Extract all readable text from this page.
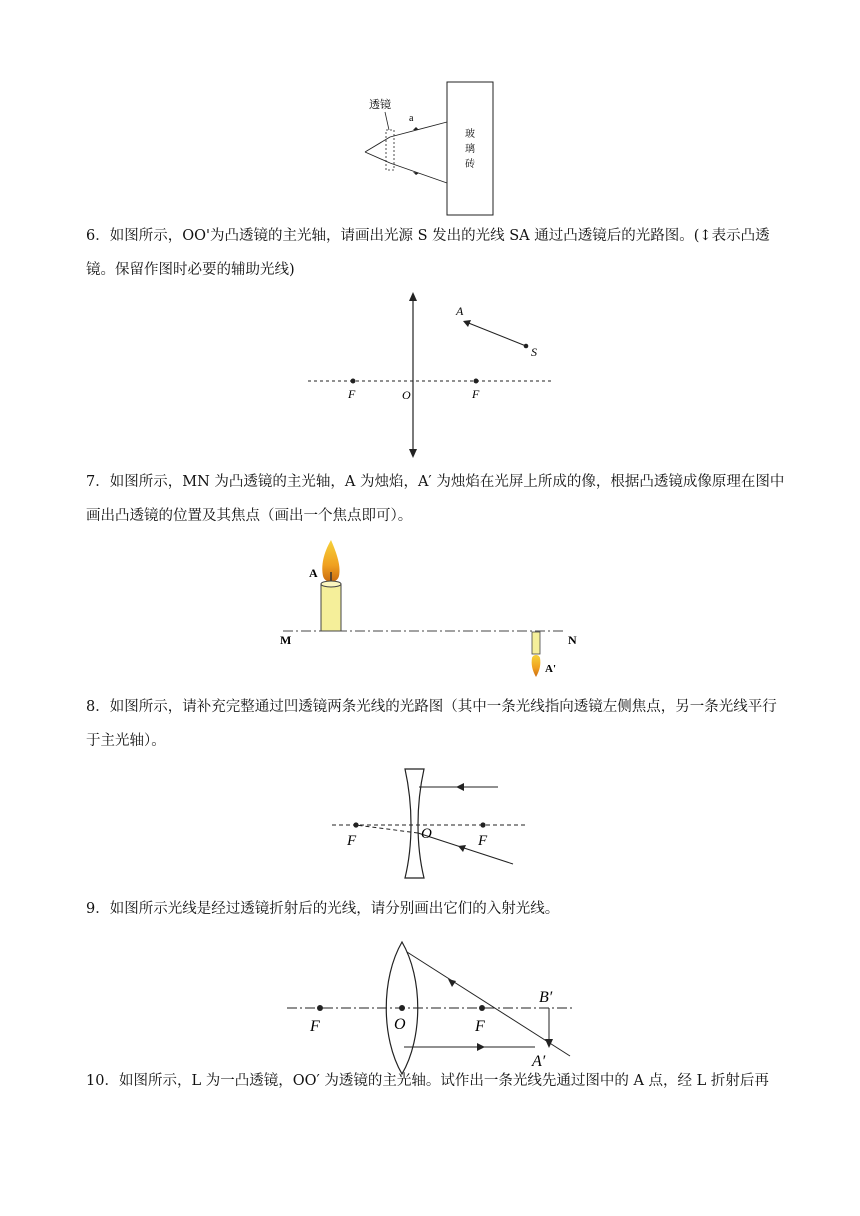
透镜
a
玻
璃
砖

6．如图所示，OO'为凸透镜的主光轴，请画出光源 S 发出的光线 SA 通过凸透镜后的光路图。(↕表示凸透镜。保留作图时必要的辅助光线)

F	O	F
A
S

7．如图所示，MN 为凸透镜的主光轴，A 为烛焰，A′ 为烛焰在光屏上所成的像，根据凸透镜成像原理在图中画出凸透镜的位置及其焦点（画出一个焦点即可）。

A
M	N
A'

8．如图所示，请补充完整通过凹透镜两条光线的光路图（其中一条光线指向透镜左侧焦点，另一条光线平行于主光轴）。

F	O	F

9．如图所示光线是经过透镜折射后的光线，请分别画出它们的入射光线。

F	O	F
B′
A′

10．如图所示，L 为一凸透镜，OO′ 为透镜的主光轴。试作出一条光线先通过图中的 A 点，经 L 折射后再
